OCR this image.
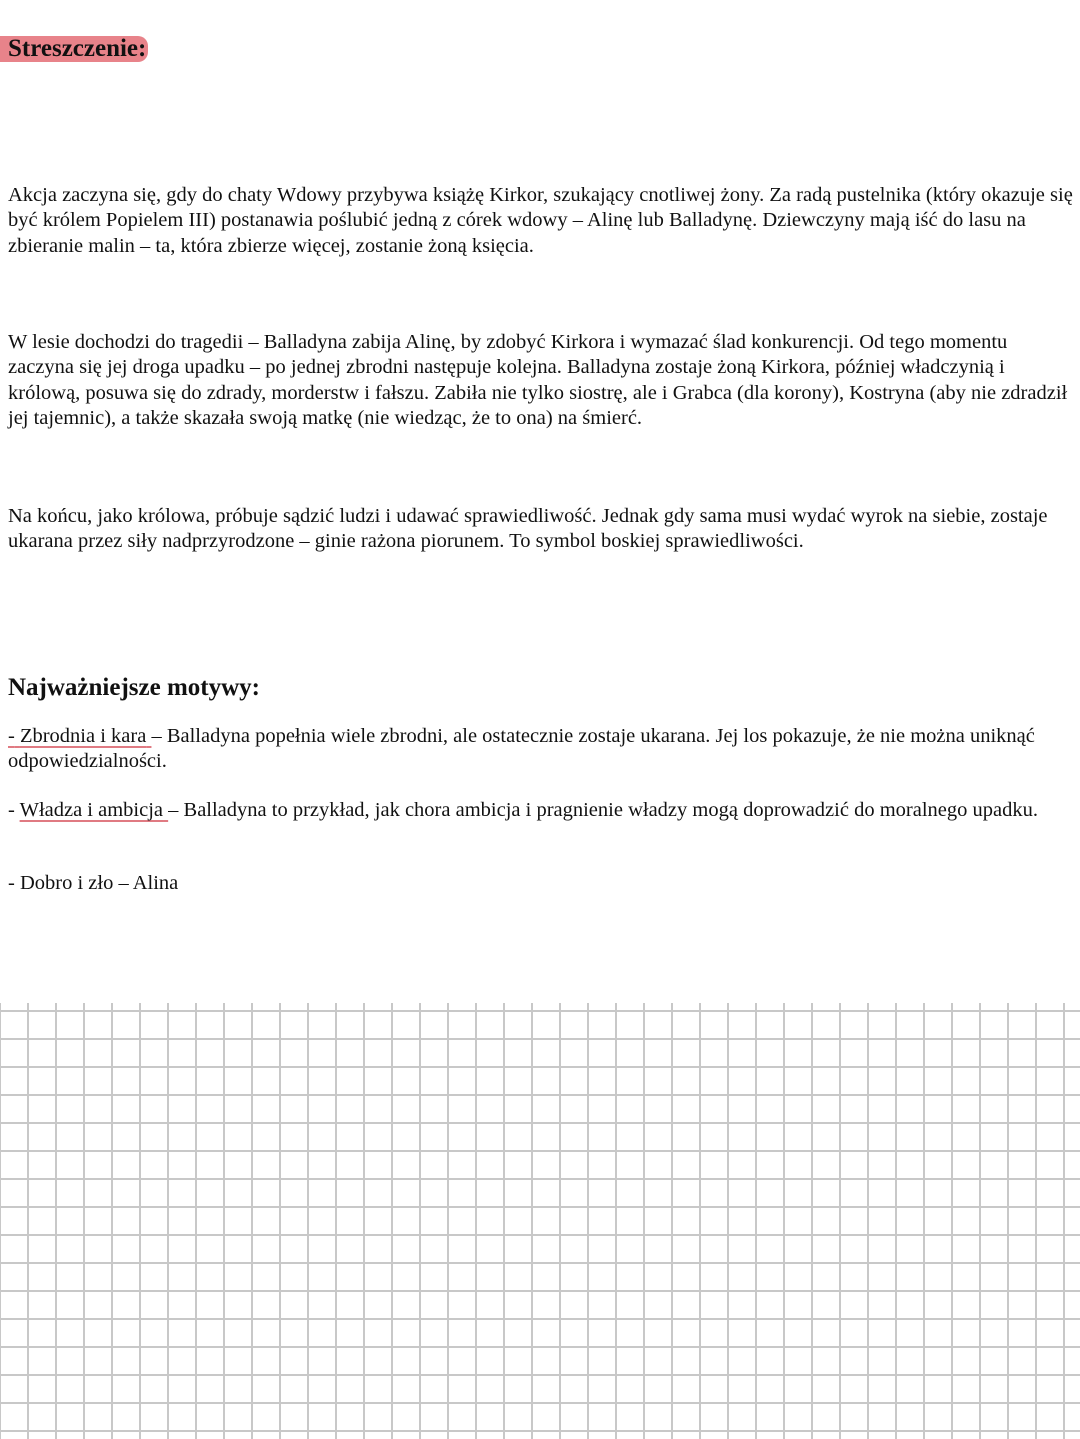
Streszczenie:

Akcja zaczyna się, gdy do chaty Wdowy przybywa książę Kirkor, szukający cnotliwej żony. Za radą pustelnika (który okazuje się być królem Popielem III) postanawia poślubić jedną z córek wdowy – Alinę lub Balladynę. Dziewczyny mają iść do lasu na zbieranie malin – ta, która zbierze więcej, zostanie żoną księcia.

W lesie dochodzi do tragedii – Balladyna zabija Alinę, by zdobyć Kirkora i wymazać ślad konkurencji. Od tego momentu zaczyna się jej droga upadku – po jednej zbrodni następuje kolejna. Balladyna zostaje żoną Kirkora, później władczynią i królową, posuwa się do zdrady, morderstw i fałszu. Zabiła nie tylko siostrę, ale i Grabca (dla korony), Kostryna (aby nie zdradził jej tajemnic), a także skazała swoją matkę (nie wiedząc, że to ona) na śmierć.

Na końcu, jako królowa, próbuje sądzić ludzi i udawać sprawiedliwość. Jednak gdy sama musi wydać wyrok na siebie, zostaje ukarana przez siły nadprzyrodzone – ginie rażona piorunem. To symbol boskiej sprawiedliwości.

Najważniejsze motywy:
- Zbrodnia i kara – Balladyna popełnia wiele zbrodni, ale ostatecznie zostaje ukarana. Jej los pokazuje, że nie można uniknąć odpowiedzialności.
- Władza i ambicja – Balladyna to przykład, jak chora ambicja i pragnienie władzy mogą doprowadzić do moralnego upadku.
- Dobro i zło – Alina
